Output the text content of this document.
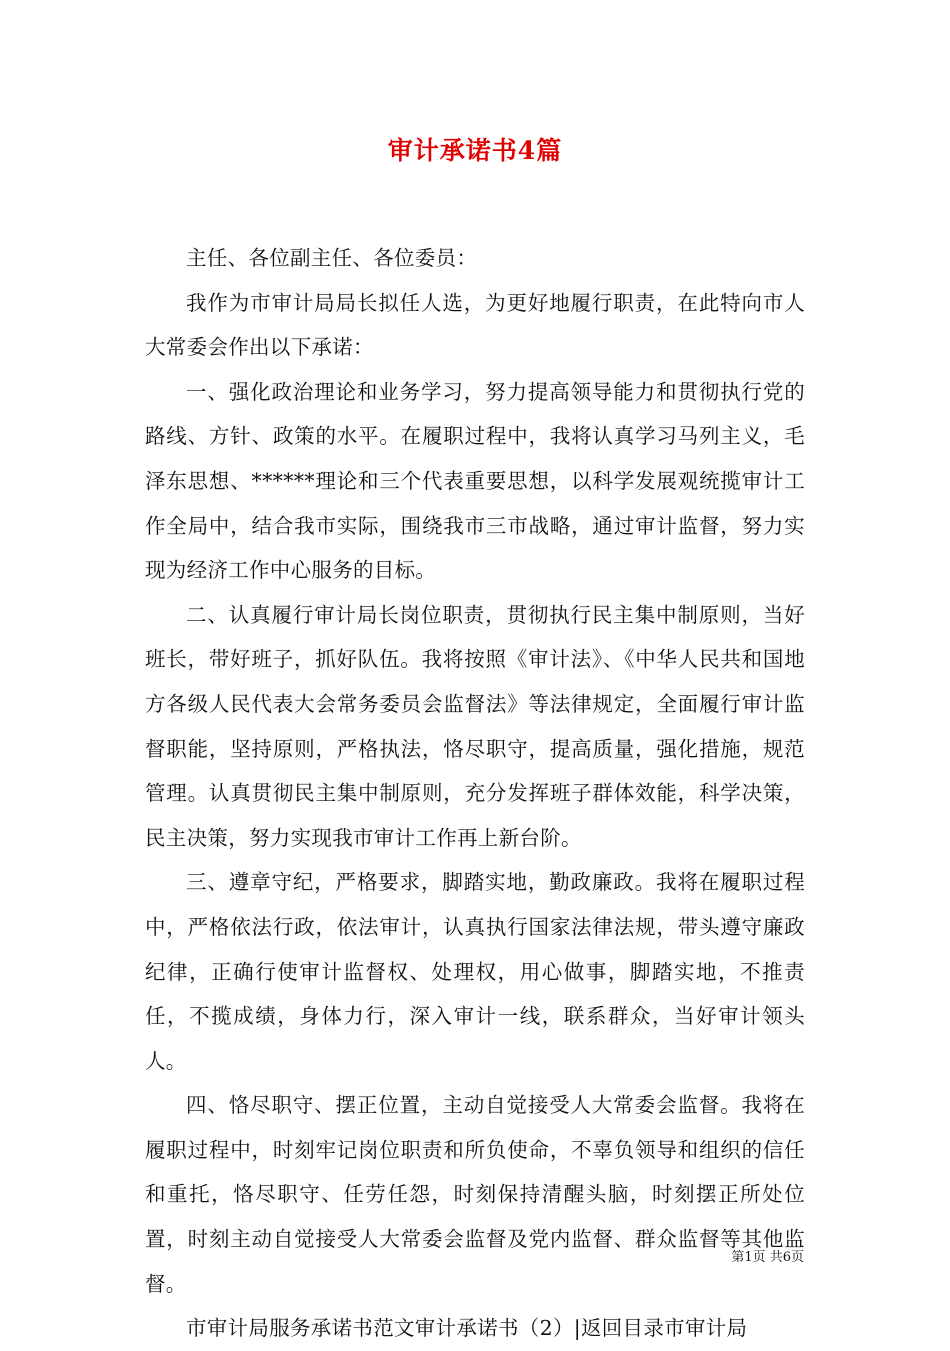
审计承诺书4篇

主任、各位副主任、各位委员：

我作为市审计局局长拟任人选，为更好地履行职责，在此特向市人大常委会作出以下承诺：

一、强化政治理论和业务学习，努力提高领导能力和贯彻执行党的路线、方针、政策的水平。在履职过程中，我将认真学习马列主义，毛泽东思想、******理论和三个代表重要思想，以科学发展观统揽审计工作全局中，结合我市实际，围绕我市三市战略，通过审计监督，努力实现为经济工作中心服务的目标。

二、认真履行审计局长岗位职责，贯彻执行民主集中制原则，当好班长，带好班子，抓好队伍。我将按照《审计法》、《中华人民共和国地方各级人民代表大会常务委员会监督法》等法律规定，全面履行审计监督职能，坚持原则，严格执法，恪尽职守，提高质量，强化措施，规范管理。认真贯彻民主集中制原则，充分发挥班子群体效能，科学决策，民主决策，努力实现我市审计工作再上新台阶。

三、遵章守纪，严格要求，脚踏实地，勤政廉政。我将在履职过程中，严格依法行政，依法审计，认真执行国家法律法规，带头遵守廉政纪律，正确行使审计监督权、处理权，用心做事，脚踏实地，不推责任，不揽成绩，身体力行，深入审计一线，联系群众，当好审计领头人。

四、恪尽职守、摆正位置，主动自觉接受人大常委会监督。我将在履职过程中，时刻牢记岗位职责和所负使命，不辜负领导和组织的信任和重托，恪尽职守、任劳任怨，时刻保持清醒头脑，时刻摆正所处位置，时刻主动自觉接受人大常委会监督及党内监督、群众监督等其他监督。

市审计局服务承诺书范文审计承诺书（2）|返回目录市审计局

第1页 共6页
